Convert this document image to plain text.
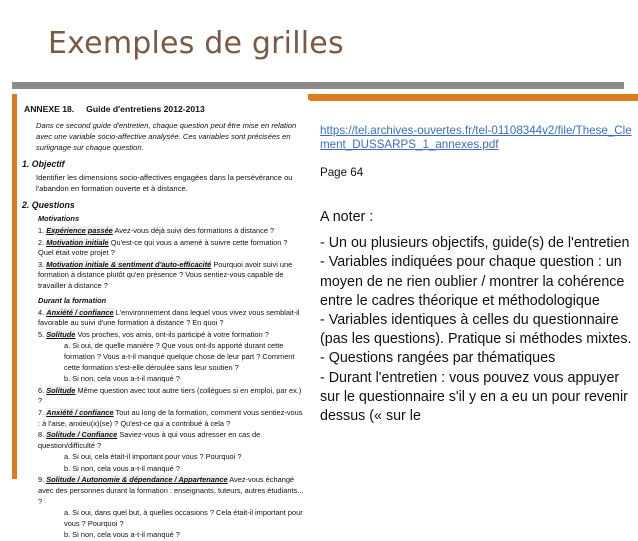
Exemples de grilles
ANNEXE 18. Guide d'entretiens 2012-2013
Dans ce second guide d'entretien, chaque question peut être mise en relation avec une variable socio-affective analysée. Ces variables sont précisées en surlignage sur chaque question.
1. Objectif
Identifier les dimensions socio-affectives engagées dans la persévérance ou l'abandon en formation ouverte et à distance.
2. Questions
Motivations
1. Expérience passée Avez-vous déjà suivi des formations à distance ?
2. Motivation initiale Qu'est-ce qui vous a amené à suivre cette formation ? Quel était votre projet ?
3. Motivation initiale & sentiment d'auto-efficacité Pourquoi avoir suivi une formation à distance plutôt qu'en présence ? Vous sentiez-vous capable de travailler à distance ?
Durant la formation
4. Anxiété / confiance L'environnement dans lequel vous vivez vous semblait-il favorable au suivi d'une formation à distance ? En quoi ?
5. Solitude Vos proches, vos amis, ont-ils participé à votre formation ?
a. Si oui, de quelle manière ? Que vous ont-ils apporté durant cette formation ? Vous a-t-il manqué quelque chose de leur part ? Comment cette formation s'est-elle déroulée sans leur soutien ?
b. Si non, cela vous a-t-il manqué ?
6. Solitude Même question avec tout autre tiers (collègues si en emploi, par ex.) ?
7. Anxiété / confiance Tout au long de la formation, comment vous sentiez-vous : à l'aise, anxieu(x)(se) ? Qu'est-ce qui a contribué à cela ?
8. Solitude / Confiance Saviez-vous à qui vous adresser en cas de question/difficulté ?
a. Si oui, cela était-il important pour vous ? Pourquoi ?
b. Si non, cela vous a-t-il manqué ?
9. Solitude / Autonomie & dépendance / Appartenance Avez-vous échangé avec des personnes durant la formation : enseignants, tuteurs, autres étudiants... ?
a. Si oui, dans quel but, à quelles occasions ? Cela était-il important pour vous ? Pourquoi ?
b. Si non, cela vous a-t-il manqué ?
https://tel.archives-ouvertes.fr/tel-01108344v2/file/These_Clement_DUSSARPS_1_annexes.pdf
Page 64
A noter :
- Un ou plusieurs objectifs, guide(s) de l'entretien
- Variables indiquées pour chaque question : un moyen de ne rien oublier / montrer la cohérence entre le cadres théorique et méthodologique
- Variables identiques à celles du questionnaire (pas les questions). Pratique si méthodes mixtes.
- Questions rangées par thématiques
- Durant l'entretien : vous pouvez vous appuyer sur le questionnaire s'il y en a eu un pour revenir dessus (« sur le
